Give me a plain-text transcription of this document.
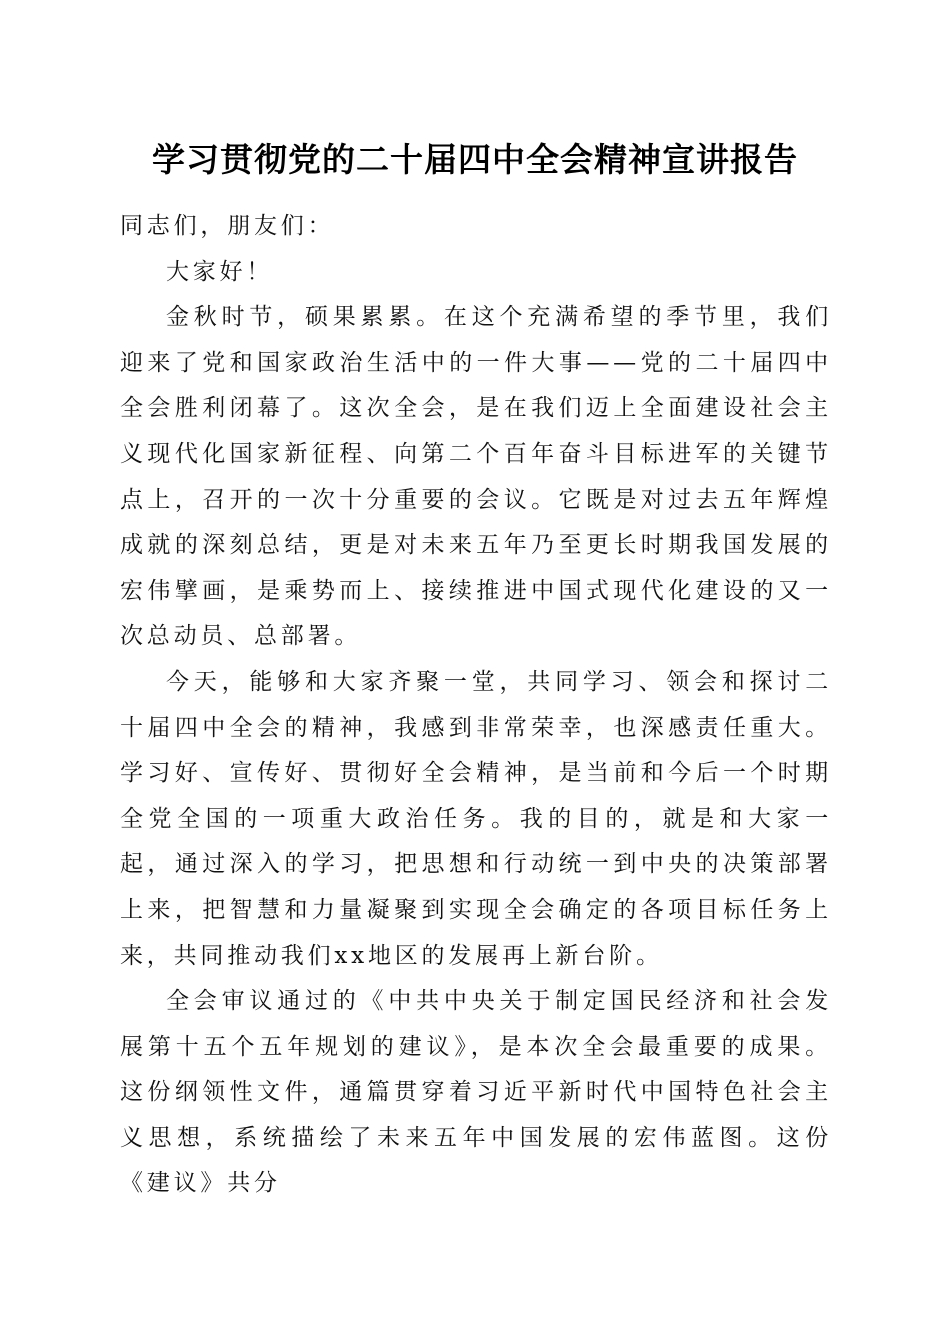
学习贯彻党的二十届四中全会精神宣讲报告

同志们，朋友们：

大家好！

金秋时节，硕果累累。在这个充满希望的季节里，我们迎来了党和国家政治生活中的一件大事——党的二十届四中全会胜利闭幕了。这次全会，是在我们迈上全面建设社会主义现代化国家新征程、向第二个百年奋斗目标进军的关键节点上，召开的一次十分重要的会议。它既是对过去五年辉煌成就的深刻总结，更是对未来五年乃至更长时期我国发展的宏伟擘画，是乘势而上、接续推进中国式现代化建设的又一次总动员、总部署。

今天，能够和大家齐聚一堂，共同学习、领会和探讨二十届四中全会的精神，我感到非常荣幸，也深感责任重大。学习好、宣传好、贯彻好全会精神，是当前和今后一个时期全党全国的一项重大政治任务。我的目的，就是和大家一起，通过深入的学习，把思想和行动统一到中央的决策部署上来，把智慧和力量凝聚到实现全会确定的各项目标任务上来，共同推动我们xx地区的发展再上新台阶。

全会审议通过的《中共中央关于制定国民经济和社会发展第十五个五年规划的建议》，是本次全会最重要的成果。这份纲领性文件，通篇贯穿着习近平新时代中国特色社会主义思想，系统描绘了未来五年中国发展的宏伟蓝图。这份《建议》共分
